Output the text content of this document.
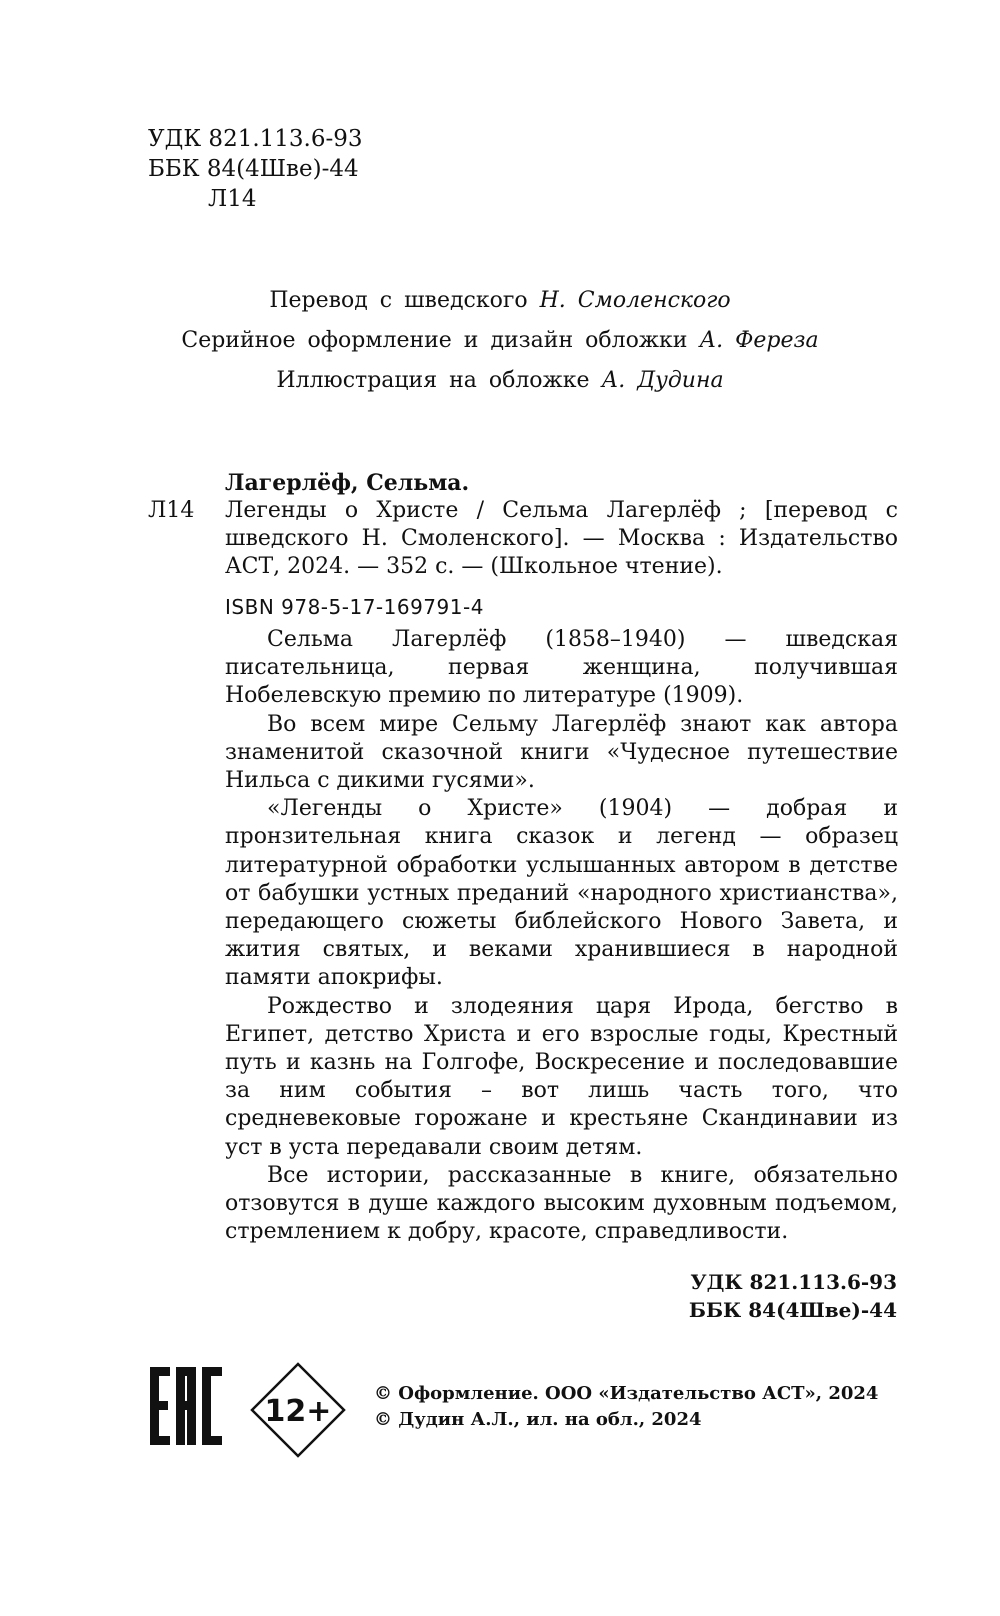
УДК 821.113.6-93
ББК 84(4Шве)-44
Л14
Перевод с шведского Н. Смоленского
Серийное оформление и дизайн обложки А. Фереза
Иллюстрация на обложке А. Дудина
Лагерлёф, Сельма.
Л14 Легенды о Христе / Сельма Лагерлёф ; [перевод с шведского Н. Смоленского]. — Москва : Издательство АСТ, 2024. — 352 с. — (Школьное чтение).
ISBN 978-5-17-169791-4

Сельма Лагерлёф (1858–1940) — шведская писательница, первая женщина, получившая Нобелевскую премию по литературе (1909).

Во всем мире Сельму Лагерлёф знают как автора знаменитой сказочной книги «Чудесное путешествие Нильса с дикими гусями».

«Легенды о Христе» (1904) — добрая и пронзительная книга сказок и легенд — образец литературной обработки услышанных автором в детстве от бабушки устных преданий «народного христианства», передающего сюжеты библейского Нового Завета, и жития святых, и веками хранившиеся в народной памяти апокрифы.

Рождество и злодеяния царя Ирода, бегство в Египет, детство Христа и его взрослые годы, Крестный путь и казнь на Голгофе, Воскресение и последовавшие за ним события – вот лишь часть того, что средневековые горожане и крестьяне Скандинавии из уст в уста передавали своим детям.

Все истории, рассказанные в книге, обязательно отзовутся в душе каждого высоким духовным подъемом, стремлением к добру, красоте, справедливости.

УДК 821.113.6-93
ББК 84(4Шве)-44
12+
© Оформление. ООО «Издательство АСТ», 2024
© Дудин А.Л., ил. на обл., 2024
